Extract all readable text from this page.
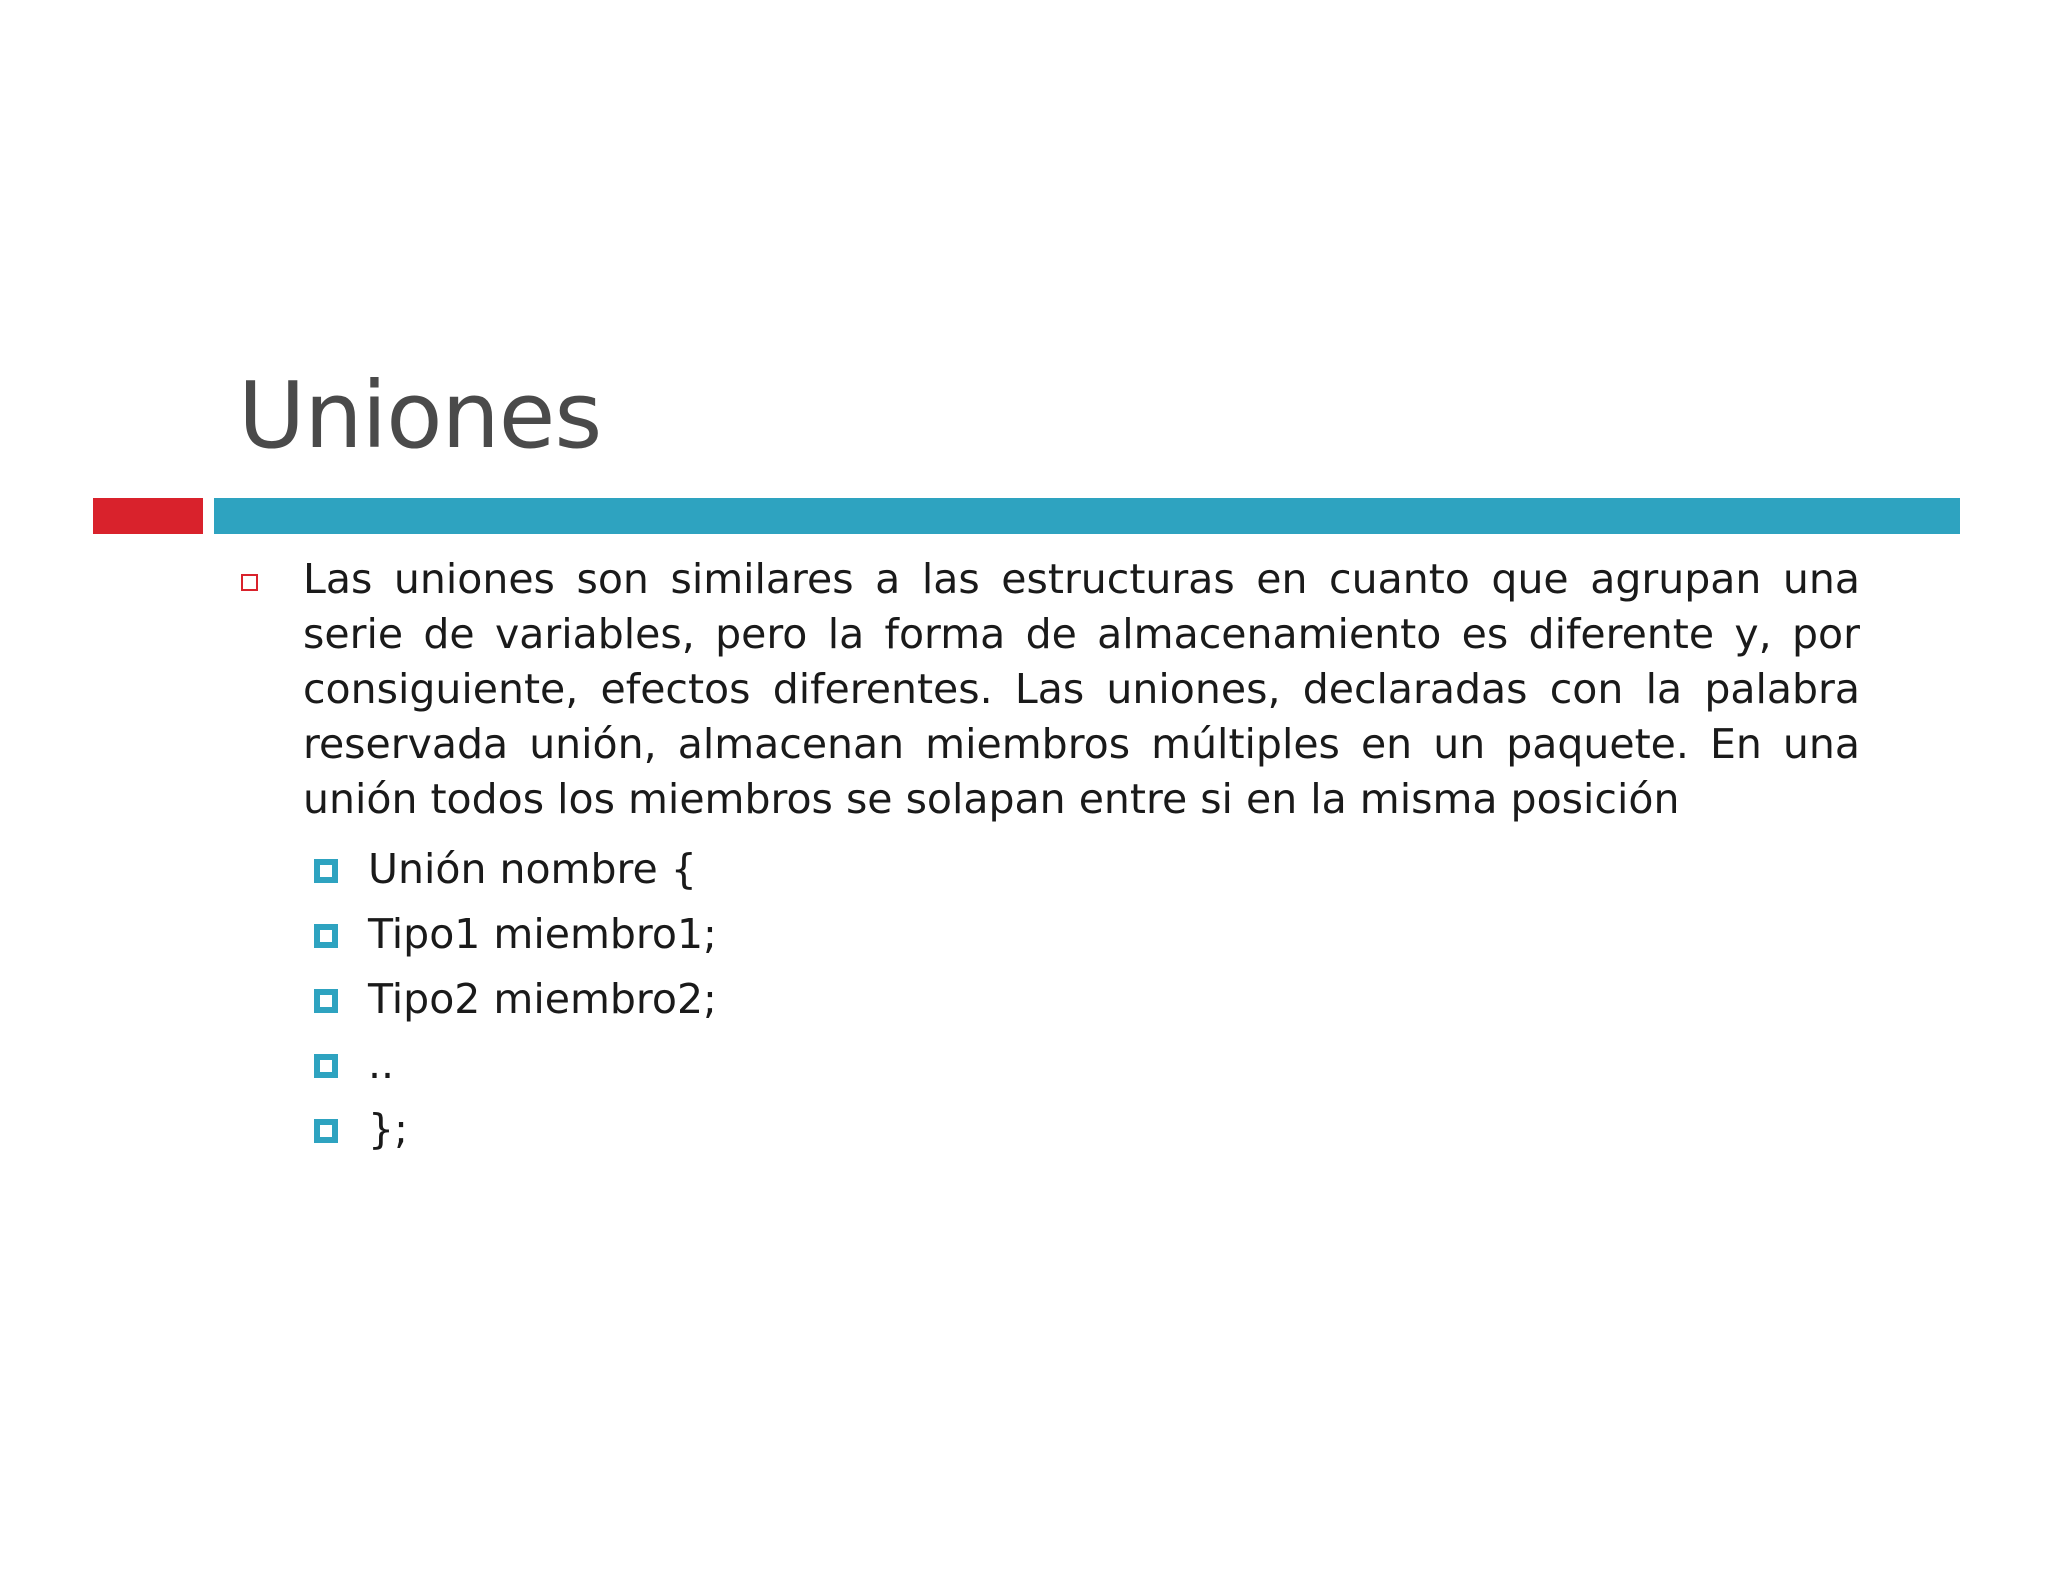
Uniones

Las uniones son similares a las estructuras en cuanto que agrupan una serie de variables, pero la forma de almacenamiento es diferente y, por consiguiente, efectos diferentes. Las uniones, declaradas con la palabra reservada unión, almacenan miembros múltiples en un paquete. En una unión todos los miembros se solapan entre si en la misma posición

Unión nombre {
Tipo1 miembro1;
Tipo2 miembro2;
..
};
